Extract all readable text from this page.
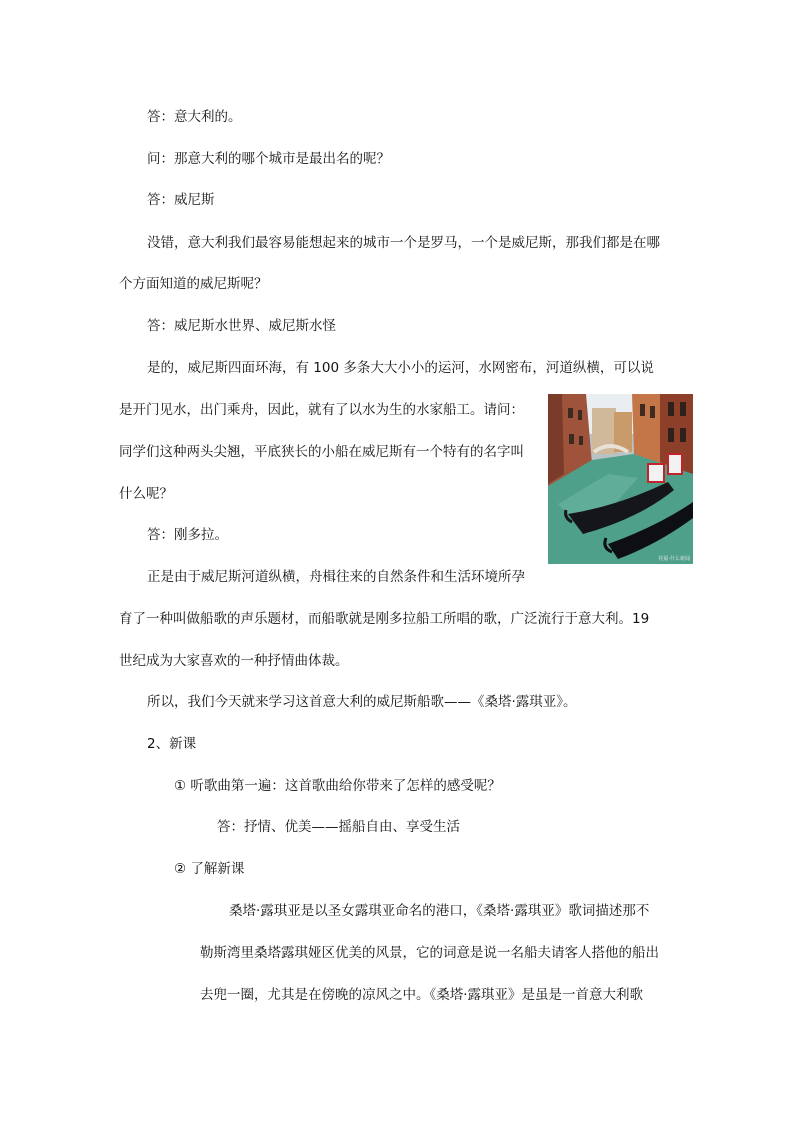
答：意大利的。
问：那意大利的哪个城市是最出名的呢？
答：威尼斯
没错，意大利我们最容易能想起来的城市一个是罗马，一个是威尼斯，那我们都是在哪
个方面知道的威尼斯呢？
答：威尼斯水世界、威尼斯水怪
是的，威尼斯四面环海，有 100 多条大大小小的运河，水网密布，河道纵横，可以说
是开门见水，出门乘舟，因此，就有了以水为生的水家船工。请问：
同学们这种两头尖翘，平底狭长的小船在威尼斯有一个特有的名字叫
什么呢？
答：刚多拉。
正是由于威尼斯河道纵横，舟楫往来的自然条件和生活环境所孕
育了一种叫做船歌的声乐题材，而船歌就是刚多拉船工所唱的歌，广泛流行于意大利。19
世纪成为大家喜欢的一种抒情曲体裁。
所以，我们今天就来学习这首意大利的威尼斯船歌——《桑塔·露琪亚》。
2、新课
① 听歌曲第一遍：这首歌曲给你带来了怎样的感受呢？
答：抒情、优美——摇船自由、享受生活
② 了解新课
桑塔·露琪亚是以圣女露琪亚命名的港口，《桑塔·露琪亚》歌词描述那不
勒斯湾里桑塔露琪娅区优美的风景，它的词意是说一名船夫请客人搭他的船出
去兜一圈，尤其是在傍晚的凉风之中。《桑塔·露琪亚》是虽是一首意大利歌
托福·什么新闻
